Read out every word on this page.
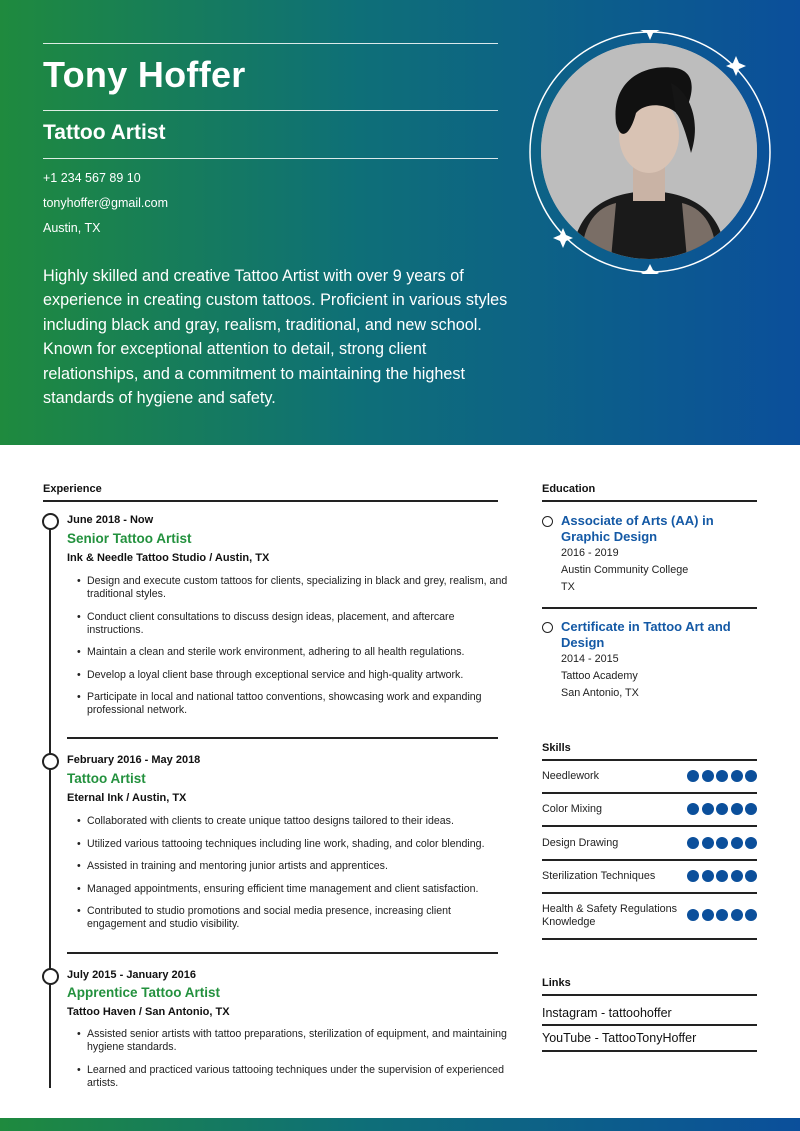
Tony Hoffer
Tattoo Artist
+1 234 567 89 10
tonyhoffer@gmail.com
Austin, TX
Highly skilled and creative Tattoo Artist with over 9 years of experience in creating custom tattoos. Proficient in various styles including black and gray, realism, traditional, and new school. Known for exceptional attention to detail, strong client relationships, and a commitment to maintaining the highest standards of hygiene and safety.
Experience
June 2018 - Now
Senior Tattoo Artist
Ink & Needle Tattoo Studio / Austin, TX
• Design and execute custom tattoos for clients, specializing in black and grey, realism, and traditional styles.
• Conduct client consultations to discuss design ideas, placement, and aftercare instructions.
• Maintain a clean and sterile work environment, adhering to all health regulations.
• Develop a loyal client base through exceptional service and high-quality artwork.
• Participate in local and national tattoo conventions, showcasing work and expanding professional network.
February 2016 - May 2018
Tattoo Artist
Eternal Ink / Austin, TX
• Collaborated with clients to create unique tattoo designs tailored to their ideas.
• Utilized various tattooing techniques including line work, shading, and color blending.
• Assisted in training and mentoring junior artists and apprentices.
• Managed appointments, ensuring efficient time management and client satisfaction.
• Contributed to studio promotions and social media presence, increasing client engagement and studio visibility.
July 2015 - January 2016
Apprentice Tattoo Artist
Tattoo Haven / San Antonio, TX
• Assisted senior artists with tattoo preparations, sterilization of equipment, and maintaining hygiene standards.
• Learned and practiced various tattooing techniques under the supervision of experienced artists.
Education
Associate of Arts (AA) in Graphic Design
2016 - 2019
Austin Community College
TX
Certificate in Tattoo Art and Design
2014 - 2015
Tattoo Academy
San Antonio, TX
Skills
Needlework
Color Mixing
Design Drawing
Sterilization Techniques
Health & Safety Regulations Knowledge
Links
Instagram - tattoohoffer
YouTube - TattooTonyHoffer
